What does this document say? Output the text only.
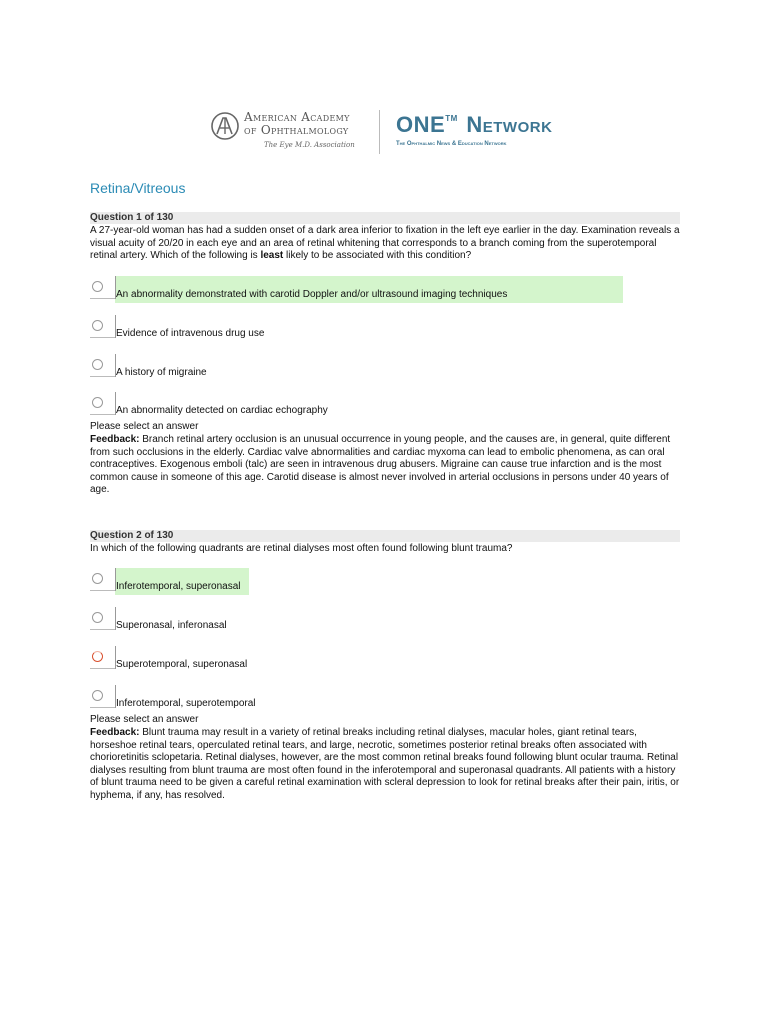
American Academy
of Ophthalmology
The Eye M.D. Association
ONE™ Network
The Ophthalmic News & Education Network
Retina/Vitreous
Question 1 of 130
A 27-year-old woman has had a sudden onset of a dark area inferior to fixation in the left eye earlier in the day. Examination reveals a visual acuity of 20/20 in each eye and an area of retinal whitening that corresponds to a branch coming from the superotemporal retinal artery. Which of the following is least likely to be associated with this condition?
An abnormality demonstrated with carotid Doppler and/or ultrasound imaging techniques
Evidence of intravenous drug use
A history of migraine
An abnormality detected on cardiac echography
Please select an answer
Feedback: Branch retinal artery occlusion is an unusual occurrence in young people, and the causes are, in general, quite different from such occlusions in the elderly. Cardiac valve abnormalities and cardiac myxoma can lead to embolic phenomena, as can oral contraceptives. Exogenous emboli (talc) are seen in intravenous drug abusers. Migraine can cause true infarction and is the most common cause in someone of this age. Carotid disease is almost never involved in arterial occlusions in persons under 40 years of age.
Question 2 of 130
In which of the following quadrants are retinal dialyses most often found following blunt trauma?
Inferotemporal, superonasal
Superonasal, inferonasal
Superotemporal, superonasal
Inferotemporal, superotemporal
Please select an answer
Feedback: Blunt trauma may result in a variety of retinal breaks including retinal dialyses, macular holes, giant retinal tears, horseshoe retinal tears, operculated retinal tears, and large, necrotic, sometimes posterior retinal breaks often associated with chorioretinitis sclopetaria. Retinal dialyses, however, are the most common retinal breaks found following blunt ocular trauma. Retinal dialyses resulting from blunt trauma are most often found in the inferotemporal and superonasal quadrants. All patients with a history of blunt trauma need to be given a careful retinal examination with scleral depression to look for retinal breaks after their pain, iritis, or hyphema, if any, has resolved.
